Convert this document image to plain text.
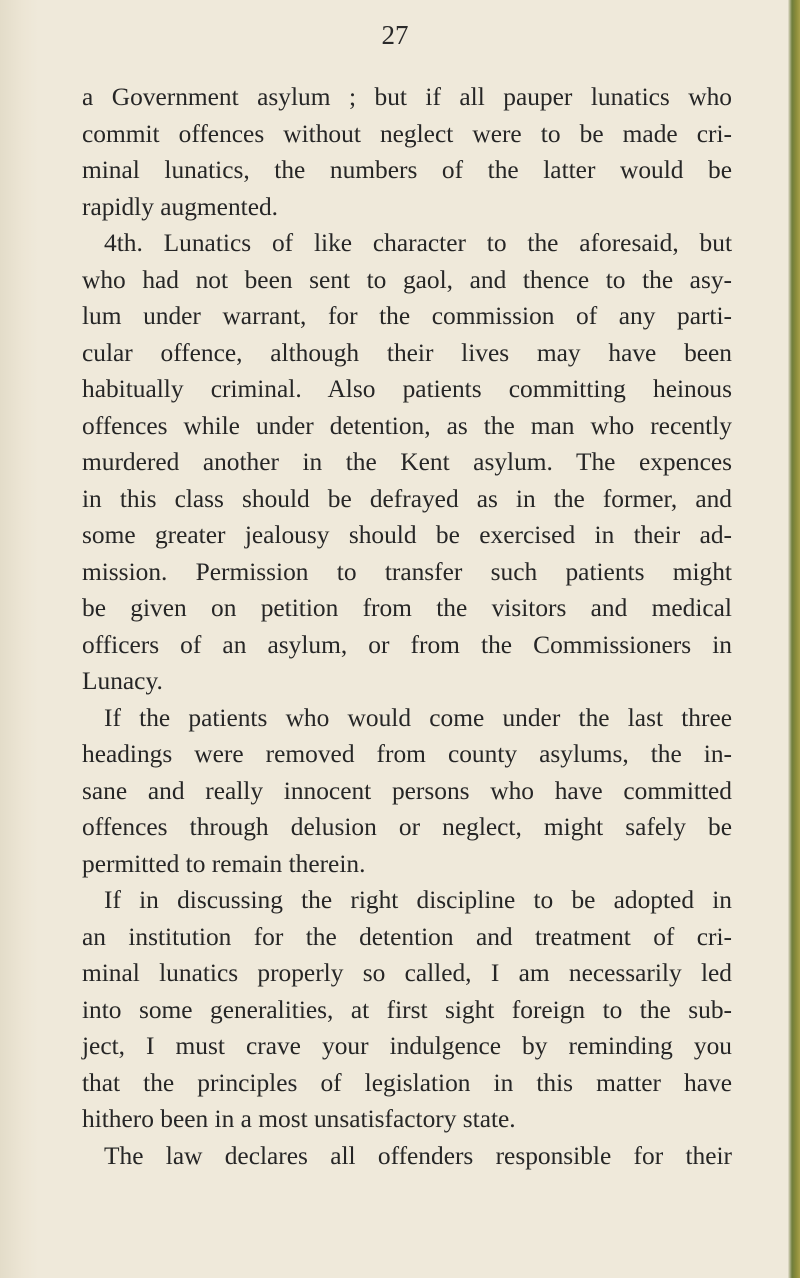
27
a Government asylum ; but if all pauper lunatics who
commit offences without neglect were to be made cri-
minal lunatics, the numbers of the latter would be
rapidly augmented.
4th. Lunatics of like character to the aforesaid, but
who had not been sent to gaol, and thence to the asy-
lum under warrant, for the commission of any parti-
cular offence, although their lives may have been
habitually criminal. Also patients committing heinous
offences while under detention, as the man who recently
murdered another in the Kent asylum. The expences
in this class should be defrayed as in the former, and
some greater jealousy should be exercised in their ad-
mission. Permission to transfer such patients might
be given on petition from the visitors and medical
officers of an asylum, or from the Commissioners in
Lunacy.
If the patients who would come under the last three
headings were removed from county asylums, the in-
sane and really innocent persons who have committed
offences through delusion or neglect, might safely be
permitted to remain therein.
If in discussing the right discipline to be adopted in
an institution for the detention and treatment of cri-
minal lunatics properly so called, I am necessarily led
into some generalities, at first sight foreign to the sub-
ject, I must crave your indulgence by reminding you
that the principles of legislation in this matter have
hithero been in a most unsatisfactory state.
The law declares all offenders responsible for their
